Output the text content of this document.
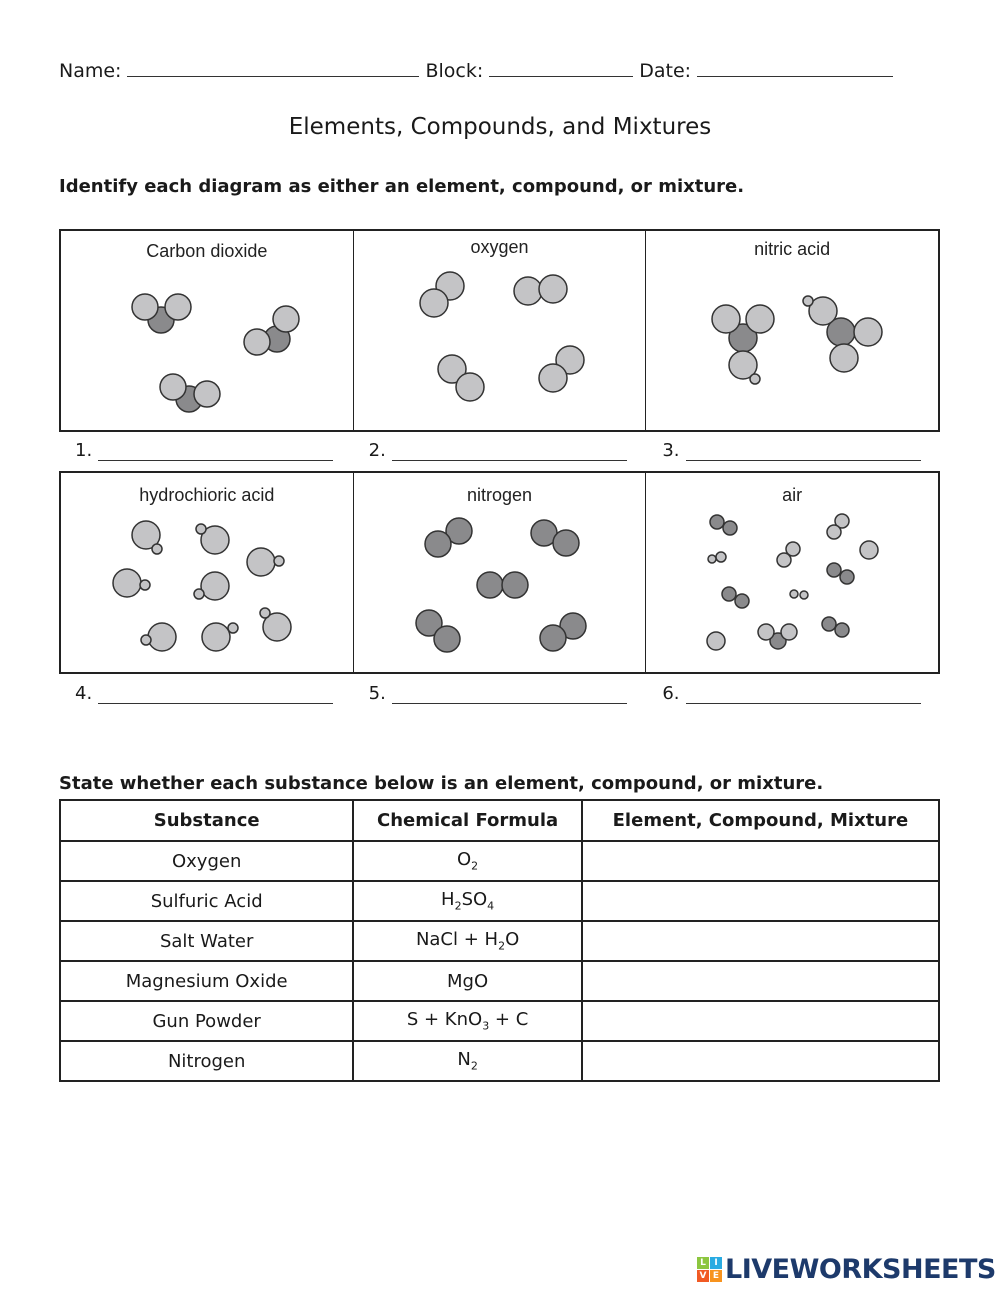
Name:	Block:	Date:
Elements, Compounds, and Mixtures
Identify each diagram as either an element, compound, or mixture.
Carbon dioxide	oxygen	nitric acid
1.	2.	3.
hydrochioric acid	nitrogen	air
4.	5.	6.
State whether each substance below is an element, compound, or mixture.
Substance	Chemical Formula	Element, Compound, Mixture
Oxygen	$O_2$	
Sulfuric Acid	$H_2SO_4$	
Salt Water	NaCl + $H_2O$	
Magnesium Oxide	MgO	
Gun Powder	S + KnO$_3$ + C	
Nitrogen	$N_2$	
L I
V E LIVEWORKSHEETS
